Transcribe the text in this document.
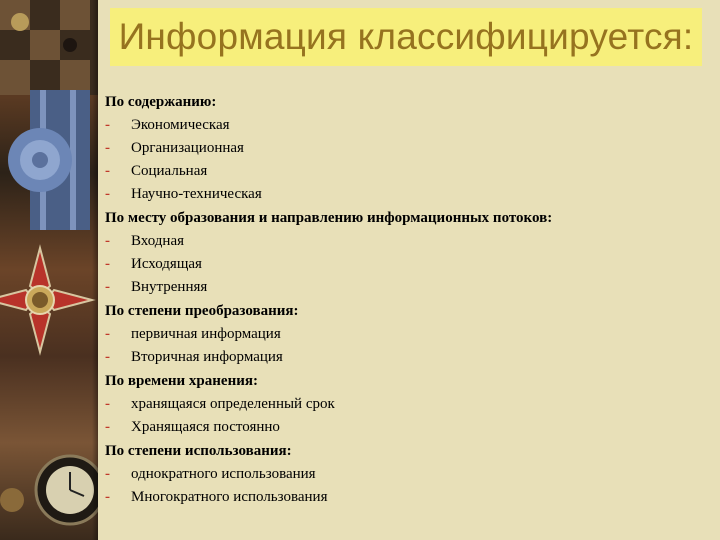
Информация классифицируется:
По содержанию:
-	Экономическая
-	Организационная
-	Социальная
-	Научно-техническая
По месту образования и направлению информационных потоков:
-	Входная
-	Исходящая
-	Внутренняя
По степени преобразования:
-	первичная информация
-	Вторичная информация
По времени хранения:
-	хранящаяся определенный срок
-	Хранящаяся постоянно
По степени использования:
-	однократного использования
-	Многократного использования
